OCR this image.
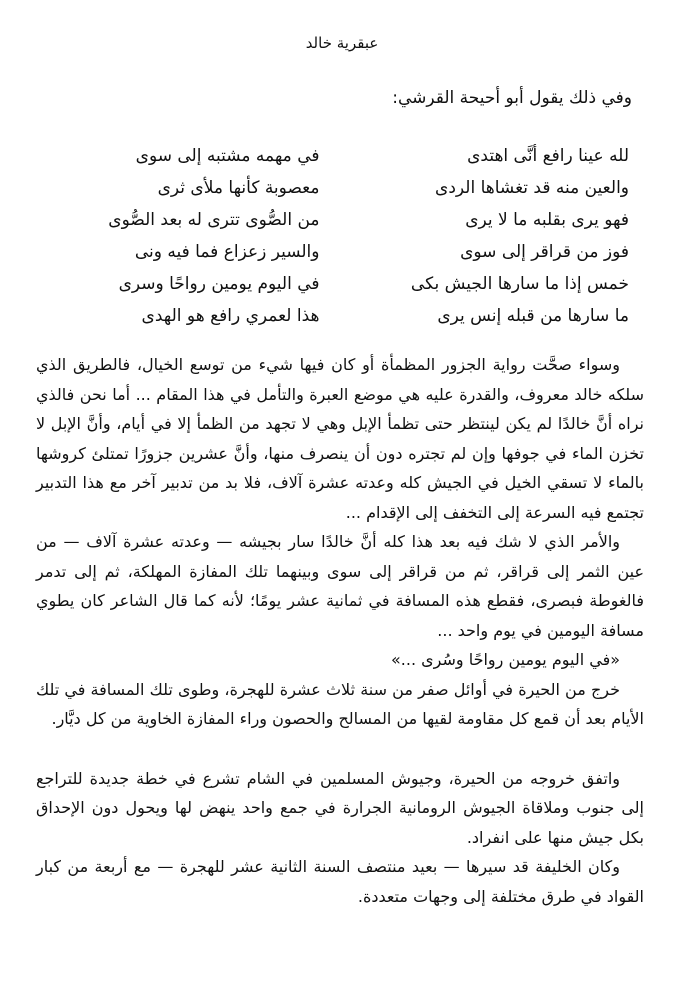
عبقرية خالد
وفي ذلك يقول أبو أحيحة القرشي:
لله عينا رافع أنَّى اهتدى
في مهمه مشتبه إلى سوى
والعين منه قد تغشاها الردى
معصوبة كأنها ملأى ثرى
فهو يرى بقلبه ما لا يرى
من الصُّوى تترى له بعد الصُّوى
فوز من قراقر إلى سوى
والسير زعزاع فما فيه ونى
خمس إذا ما سارها الجيش بكى
في اليوم يومين رواحًا وسرى
ما سارها من قبله إنس يرى
هذا لعمري رافع هو الهدى

وسواء صحَّت رواية الجزور المظمأة أو كان فيها شيء من توسع الخيال، فالطريق الذي سلكه خالد معروف، والقدرة عليه هي موضع العبرة والتأمل في هذا المقام ... أما نحن فالذي نراه أنَّ خالدًا لم يكن لينتظر حتى تظمأ الإبل وهي لا تجهد من الظمأ إلا في أيام، وأنَّ الإبل لا تخزن الماء في جوفها وإن لم تجتره دون أن ينصرف منها، وأنَّ عشرين جزورًا تمتلئ كروشها بالماء لا تسقي الخيل في الجيش كله وعدته عشرة آلاف، فلا بد من تدبير آخر مع هذا التدبير تجتمع فيه السرعة إلى التخفف إلى الإقدام ...

والأمر الذي لا شك فيه بعد هذا كله أنَّ خالدًا سار بجيشه — وعدته عشرة آلاف — من عين الثمر إلى قراقر، ثم من قراقر إلى سوى وبينهما تلك المفازة المهلكة، ثم إلى تدمر فالغوطة فبصرى، فقطع هذه المسافة في ثمانية عشر يومًا؛ لأنه كما قال الشاعر كان يطوي مسافة اليومين في يوم واحد ...

«في اليوم يومين رواحًا وسُرى ...»

خرج من الحيرة في أوائل صفر من سنة ثلاث عشرة للهجرة، وطوى تلك المسافة في تلك الأيام بعد أن قمع كل مقاومة لقيها من المسالح والحصون وراء المفازة الخاوية من كل ديَّار.

واتفق خروجه من الحيرة، وجيوش المسلمين في الشام تشرع في خطة جديدة للتراجع إلى جنوب وملاقاة الجيوش الرومانية الجرارة في جمع واحد ينهض لها ويحول دون الإحداق بكل جيش منها على انفراد.

وكان الخليفة قد سيرها — بعيد منتصف السنة الثانية عشر للهجرة — مع أربعة من كبار القواد في طرق مختلفة إلى وجهات متعددة.
